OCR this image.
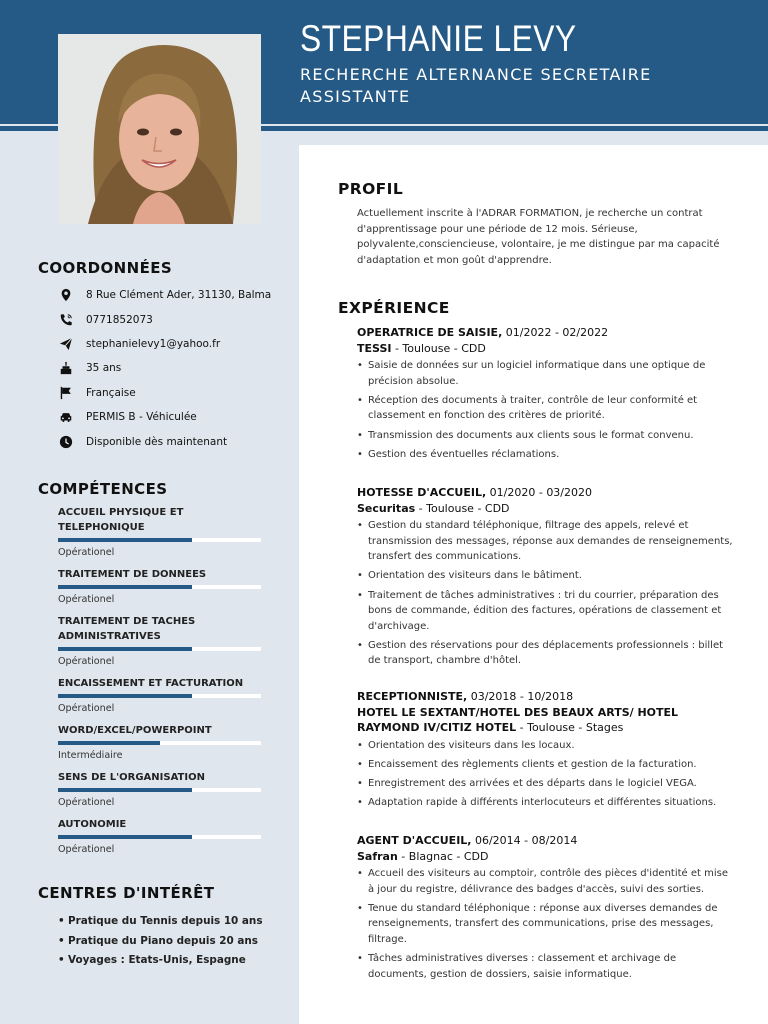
STEPHANIE LEVY
RECHERCHE ALTERNANCE SECRETAIRE ASSISTANTE
COORDONNÉES
8 Rue Clément Ader, 31130, Balma
0771852073
stephanielevy1@yahoo.fr
35 ans
Française
PERMIS B - Véhiculée
Disponible dès maintenant
COMPÉTENCES
ACCUEIL PHYSIQUE ET TELEPHONIQUE
Opérationel
TRAITEMENT DE DONNEES
Opérationel
TRAITEMENT DE TACHES ADMINISTRATIVES
Opérationel
ENCAISSEMENT ET FACTURATION
Opérationel
WORD/EXCEL/POWERPOINT
Intermédiaire
SENS DE L'ORGANISATION
Opérationel
AUTONOMIE
Opérationel
CENTRES D'INTÉRÊT
• Pratique du Tennis depuis 10 ans
• Pratique du Piano depuis 20 ans
• Voyages : Etats-Unis, Espagne
PROFIL
Actuellement inscrite à l'ADRAR FORMATION, je recherche un contrat d'apprentissage pour une période de 12 mois. Sérieuse, polyvalente,consciencieuse, volontaire, je me distingue par ma capacité d'adaptation et mon goût d'apprendre.
EXPÉRIENCE
OPERATRICE DE SAISIE, 01/2022 - 02/2022
TESSI - Toulouse - CDD
• Saisie de données sur un logiciel informatique dans une optique de précision absolue.
• Réception des documents à traiter, contrôle de leur conformité et classement en fonction des critères de priorité.
• Transmission des documents aux clients sous le format convenu.
• Gestion des éventuelles réclamations.
HOTESSE D'ACCUEIL, 01/2020 - 03/2020
Securitas - Toulouse - CDD
• Gestion du standard téléphonique, filtrage des appels, relevé et transmission des messages, réponse aux demandes de renseignements, transfert des communications.
• Orientation des visiteurs dans le bâtiment.
• Traitement de tâches administratives : tri du courrier, préparation des bons de commande, édition des factures, opérations de classement et d'archivage.
• Gestion des réservations pour des déplacements professionnels : billet de transport, chambre d'hôtel.
RECEPTIONNISTE, 03/2018 - 10/2018
HOTEL LE SEXTANT/HOTEL DES BEAUX ARTS/ HOTEL RAYMOND IV/CITIZ HOTEL - Toulouse - Stages
• Orientation des visiteurs dans les locaux.
• Encaissement des règlements clients et gestion de la facturation.
• Enregistrement des arrivées et des départs dans le logiciel VEGA.
• Adaptation rapide à différents interlocuteurs et différentes situations.
AGENT D'ACCUEIL, 06/2014 - 08/2014
Safran - Blagnac - CDD
• Accueil des visiteurs au comptoir, contrôle des pièces d'identité et mise à jour du registre, délivrance des badges d'accès, suivi des sorties.
• Tenue du standard téléphonique : réponse aux diverses demandes de renseignements, transfert des communications, prise des messages, filtrage.
• Tâches administratives diverses : classement et archivage de documents, gestion de dossiers, saisie informatique.
